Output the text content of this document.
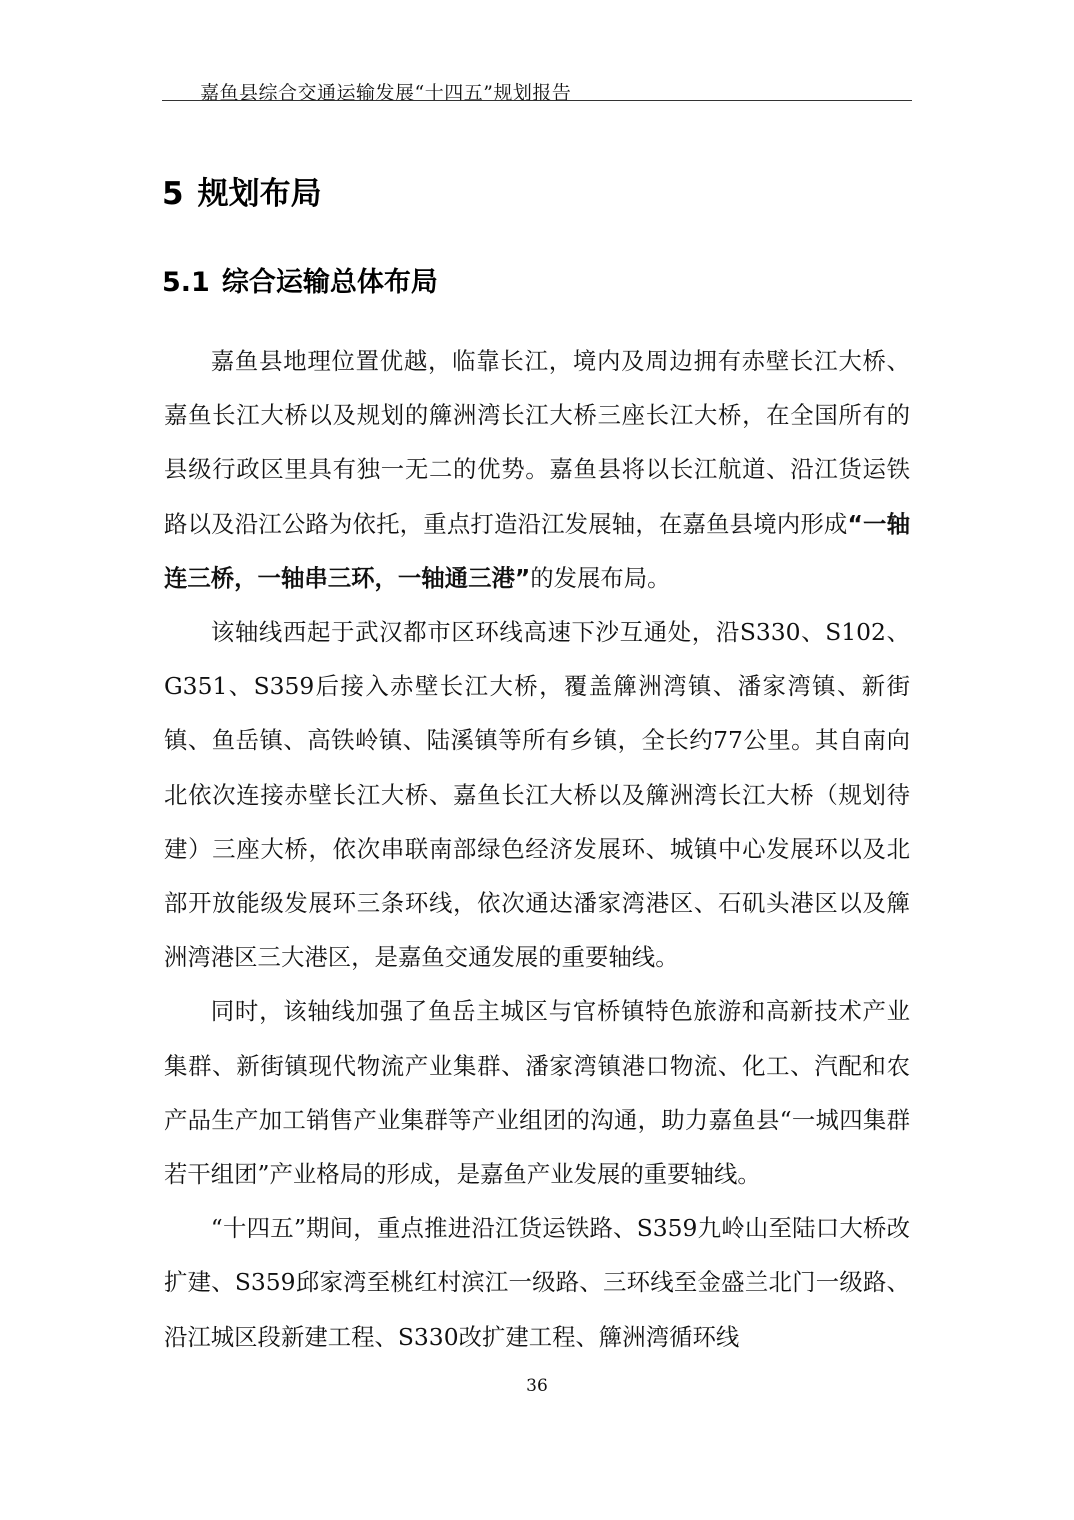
嘉鱼县综合交通运输发展“十四五”规划报告
5 规划布局
5.1 综合运输总体布局

嘉鱼县地理位置优越，临靠长江，境内及周边拥有赤壁长江大桥、嘉鱼长江大桥以及规划的簰洲湾长江大桥三座长江大桥，在全国所有的县级行政区里具有独一无二的优势。嘉鱼县将以长江航道、沿江货运铁路以及沿江公路为依托，重点打造沿江发展轴，在嘉鱼县境内形成“一轴连三桥，一轴串三环，一轴通三港”的发展布局。

该轴线西起于武汉都市区环线高速下沙互通处，沿S330、S102、G351、S359后接入赤壁长江大桥，覆盖簰洲湾镇、潘家湾镇、新街镇、鱼岳镇、高铁岭镇、陆溪镇等所有乡镇，全长约77公里。其自南向北依次连接赤壁长江大桥、嘉鱼长江大桥以及簰洲湾长江大桥（规划待建）三座大桥，依次串联南部绿色经济发展环、城镇中心发展环以及北部开放能级发展环三条环线，依次通达潘家湾港区、石矶头港区以及簰洲湾港区三大港区，是嘉鱼交通发展的重要轴线。

同时，该轴线加强了鱼岳主城区与官桥镇特色旅游和高新技术产业集群、新街镇现代物流产业集群、潘家湾镇港口物流、化工、汽配和农产品生产加工销售产业集群等产业组团的沟通，助力嘉鱼县“一城四集群若干组团”产业格局的形成，是嘉鱼产业发展的重要轴线。

“十四五”期间，重点推进沿江货运铁路、S359九岭山至陆口大桥改扩建、S359邱家湾至桃红村滨江一级路、三环线至金盛兰北门一级路、沿江城区段新建工程、S330改扩建工程、簰洲湾循环线

36
